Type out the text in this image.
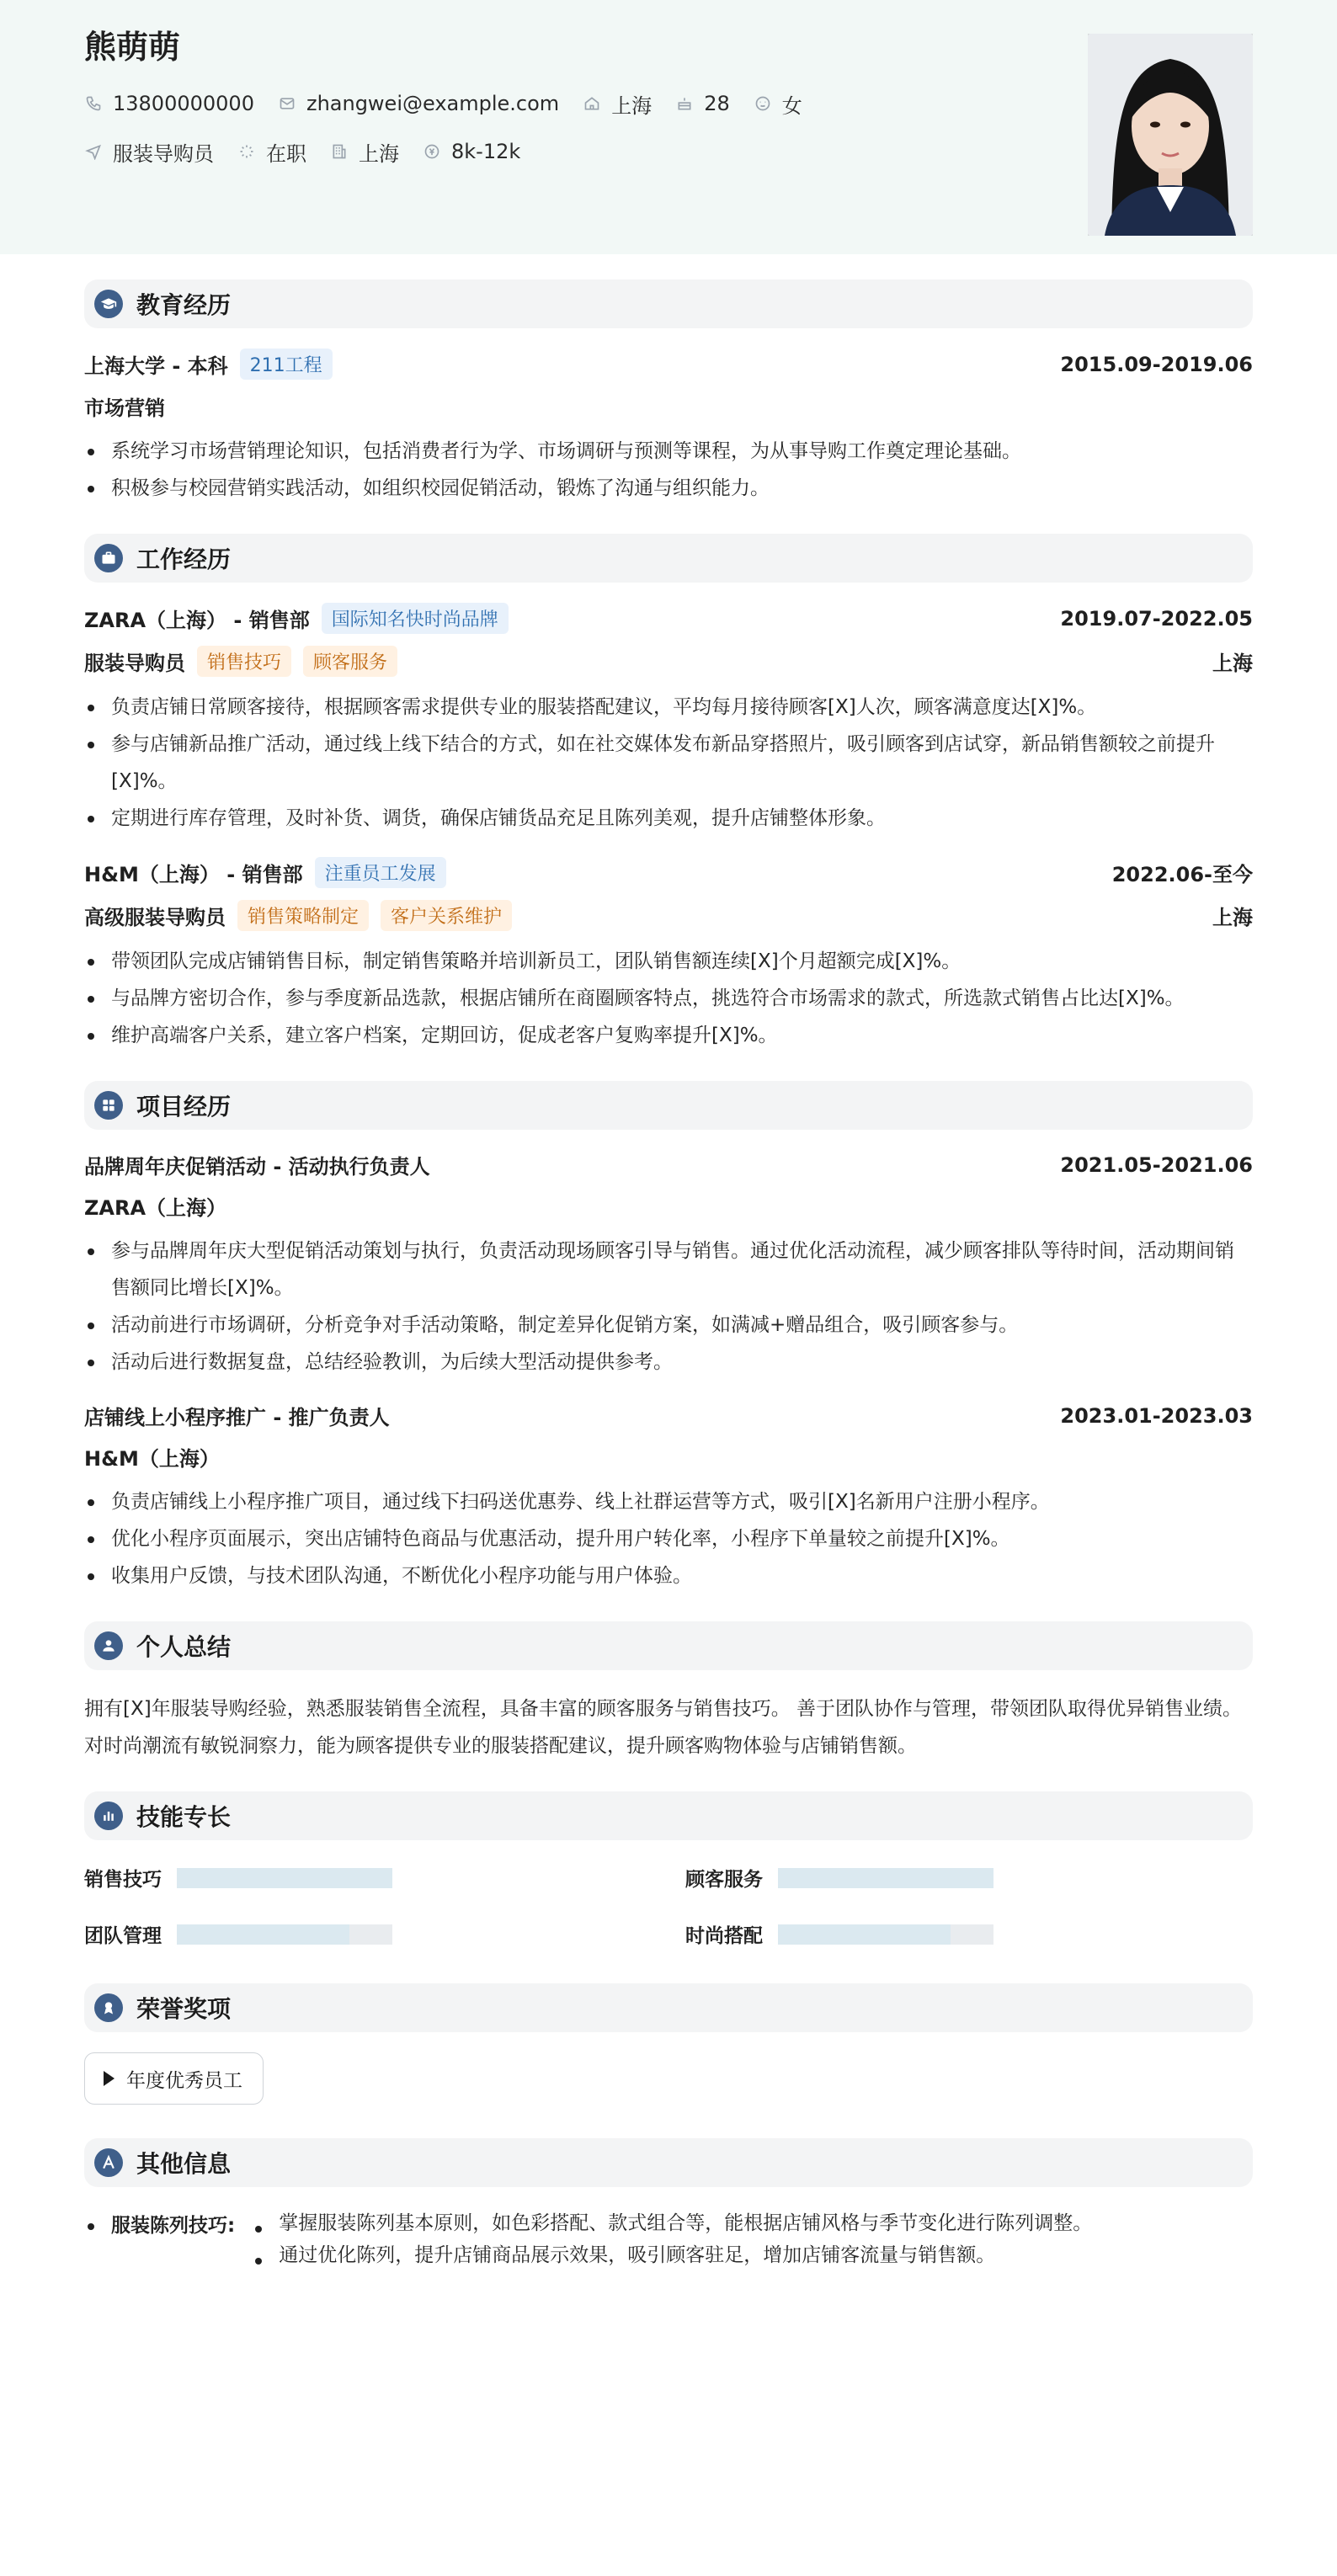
熊萌萌
13800000000	zhangwei@example.com	上海	28	女
服装导购员	在职	上海	8k-12k
教育经历
上海大学 - 本科	211工程	2015.09-2019.06
市场营销
系统学习市场营销理论知识，包括消费者行为学、市场调研与预测等课程，为从事导购工作奠定理论基础。
积极参与校园营销实践活动，如组织校园促销活动，锻炼了沟通与组织能力。
工作经历
ZARA（上海） - 销售部	国际知名快时尚品牌	2019.07-2022.05
服装导购员	销售技巧	顾客服务	上海
负责店铺日常顾客接待，根据顾客需求提供专业的服装搭配建议，平均每月接待顾客[X]人次，顾客满意度达[X]%。
参与店铺新品推广活动，通过线上线下结合的方式，如在社交媒体发布新品穿搭照片，吸引顾客到店试穿，新品销售额较之前提升[X]%。
定期进行库存管理，及时补货、调货，确保店铺货品充足且陈列美观，提升店铺整体形象。
H&M（上海） - 销售部	注重员工发展	2022.06-至今
高级服装导购员	销售策略制定	客户关系维护	上海
带领团队完成店铺销售目标，制定销售策略并培训新员工，团队销售额连续[X]个月超额完成[X]%。
与品牌方密切合作，参与季度新品选款，根据店铺所在商圈顾客特点，挑选符合市场需求的款式，所选款式销售占比达[X]%。
维护高端客户关系，建立客户档案，定期回访，促成老客户复购率提升[X]%。
项目经历
品牌周年庆促销活动 - 活动执行负责人	2021.05-2021.06
ZARA（上海）
参与品牌周年庆大型促销活动策划与执行，负责活动现场顾客引导与销售。通过优化活动流程，减少顾客排队等待时间，活动期间销售额同比增长[X]%。
活动前进行市场调研，分析竞争对手活动策略，制定差异化促销方案，如满减+赠品组合，吸引顾客参与。
活动后进行数据复盘，总结经验教训，为后续大型活动提供参考。
店铺线上小程序推广 - 推广负责人	2023.01-2023.03
H&M（上海）
负责店铺线上小程序推广项目，通过线下扫码送优惠券、线上社群运营等方式，吸引[X]名新用户注册小程序。
优化小程序页面展示，突出店铺特色商品与优惠活动，提升用户转化率，小程序下单量较之前提升[X]%。
收集用户反馈，与技术团队沟通，不断优化小程序功能与用户体验。
个人总结

拥有[X]年服装导购经验，熟悉服装销售全流程，具备丰富的顾客服务与销售技巧。 善于团队协作与管理，带领团队取得优异销售业绩。 对时尚潮流有敏锐洞察力，能为顾客提供专业的服装搭配建议，提升顾客购物体验与店铺销售额。

技能专长
销售技巧	顾客服务
团队管理	时尚搭配
荣誉奖项
年度优秀员工
其他信息
服装陈列技巧:	掌握服装陈列基本原则，如色彩搭配、款式组合等，能根据店铺风格与季节变化进行陈列调整。
通过优化陈列，提升店铺商品展示效果，吸引顾客驻足，增加店铺客流量与销售额。
